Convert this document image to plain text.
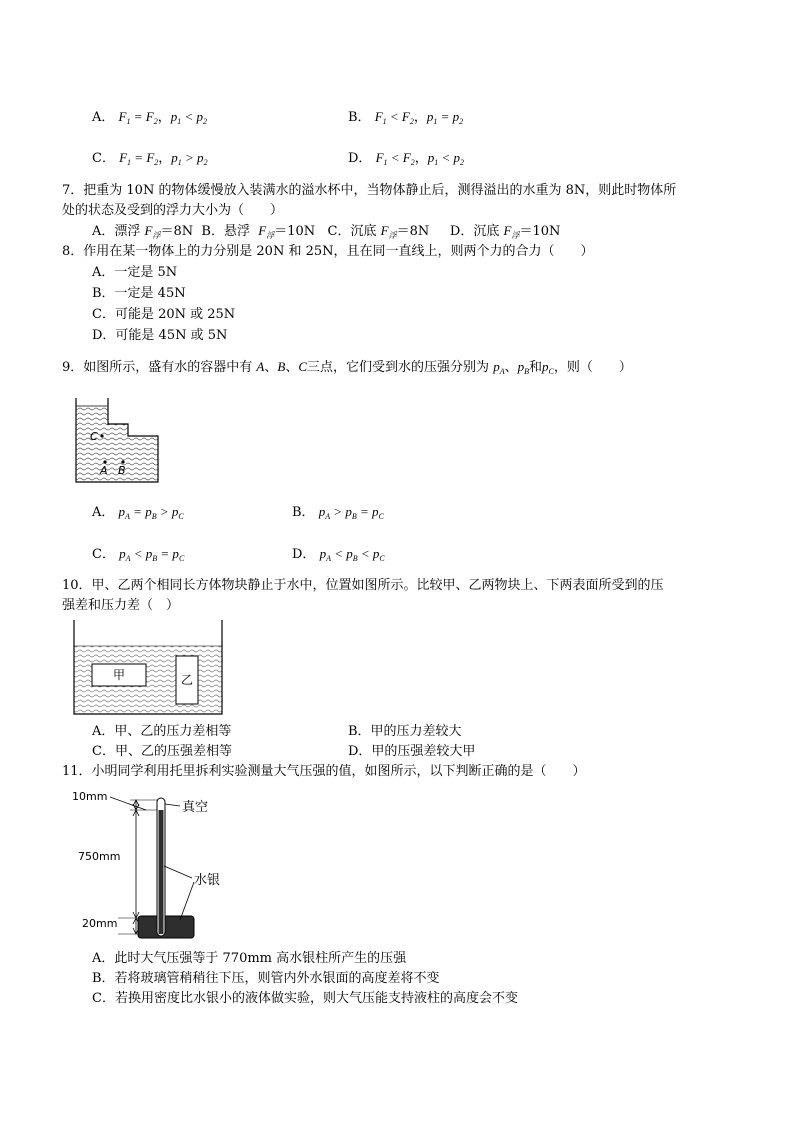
A． $F_1 = F_2$，$p_1 < p_2$	B． $F_1 < F_2$，$p_1 = p_2$
C． $F_1 = F_2$，$p_1 > p_2$	D． $F_1 < F_2$，$p_1 < p_2$
7．把重为 10N 的物体缓慢放入装满水的溢水杯中，当物体静止后，测得溢出的水重为 8N，则此时物体所
处的状态及受到的浮力大小为（　　）
A．漂浮 $F_浮=8N$ B．悬浮 $F_浮=10N$ C．沉底 $F_浮=8N$ D．沉底 $F_浮=10N$
8．作用在某一物体上的力分别是 20N 和 25N，且在同一直线上，则两个力的合力（　　）
A．一定是 5N
B．一定是 45N
C．可能是 20N 或 25N
D．可能是 45N 或 5N
9．如图所示，盛有水的容器中有 A、B、C三点，它们受到水的压强分别为 $p_A$、$p_B$和$p_C$，则（　　）
C
A B
A． $p_A = p_B > p_C$	B． $p_A > p_B = p_C$
C． $p_A < p_B = p_C$	D． $p_A < p_B < p_C$
10．甲、乙两个相同长方体物块静止于水中，位置如图所示。比较甲、乙两物块上、下两表面所受到的压
强差和压力差（　）
甲	乙
A．甲、乙的压力差相等	B．甲的压力差较大
C．甲、乙的压强差相等	D．甲的压强差较大甲
11．小明同学利用托里拆利实验测量大气压强的值，如图所示，以下判断正确的是（　　）
10mm
750mm
20mm
真空
水银
A．此时大气压强等于 770mm 高水银柱所产生的压强
B．若将玻璃管稍稍往下压，则管内外水银面的高度差将不变
C．若换用密度比水银小的液体做实验，则大气压能支持液柱的高度会不变
